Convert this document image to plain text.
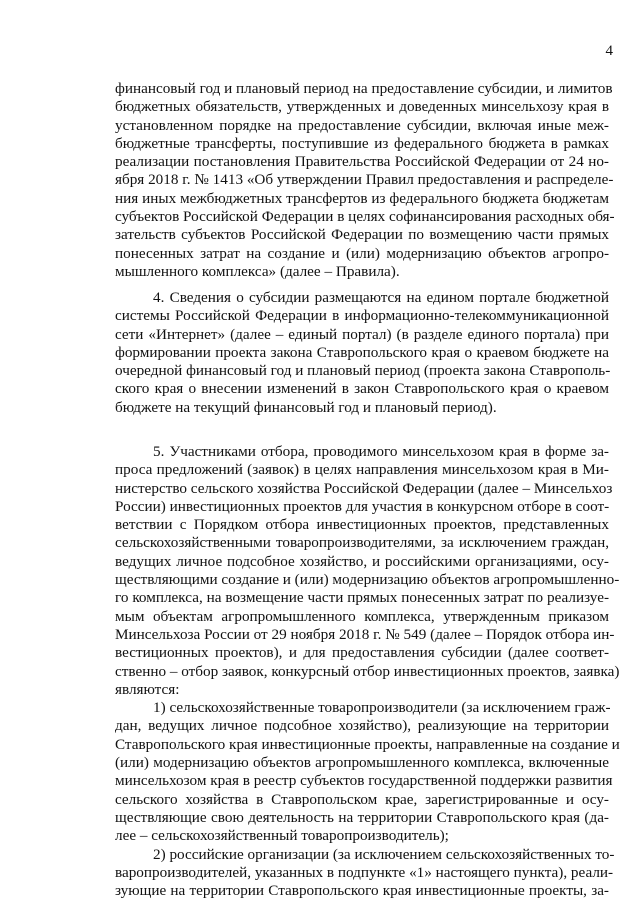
4
финансовый год и плановый период на предоставление субсидии, и лимитов
бюджетных обязательств, утвержденных и доведенных минсельхозу края в
установленном порядке на предоставление субсидии, включая иные меж-
бюджетные трансферты, поступившие из федерального бюджета в рамках
реализации постановления Правительства Российской Федерации от 24 но-
ября 2018 г. № 1413 «Об утверждении Правил предоставления и распределе-
ния иных межбюджетных трансфертов из федерального бюджета бюджетам
субъектов Российской Федерации в целях софинансирования расходных обя-
зательств субъектов Российской Федерации по возмещению части прямых
понесенных затрат на создание и (или) модернизацию объектов агропро-
мышленного комплекса» (далее – Правила).
4. Сведения о субсидии размещаются на едином портале бюджетной
системы Российской Федерации в информационно-телекоммуникационной
сети «Интернет» (далее – единый портал) (в разделе единого портала) при
формировании проекта закона Ставропольского края о краевом бюджете на
очередной финансовый год и плановый период (проекта закона Ставрополь-
ского края о внесении изменений в закон Ставропольского края о краевом
бюджете на текущий финансовый год и плановый период).
5. Участниками отбора, проводимого минсельхозом края в форме за-
проса предложений (заявок) в целях направления минсельхозом края в Ми-
нистерство сельского хозяйства Российской Федерации (далее – Минсельхоз
России) инвестиционных проектов для участия в конкурсном отборе в соот-
ветствии с Порядком отбора инвестиционных проектов, представленных
сельскохозяйственными товаропроизводителями, за исключением граждан,
ведущих личное подсобное хозяйство, и российскими организациями, осу-
ществляющими создание и (или) модернизацию объектов агропромышленно-
го комплекса, на возмещение части прямых понесенных затрат по реализуе-
мым объектам агропромышленного комплекса, утвержденным приказом
Минсельхоза России от 29 ноября 2018 г. № 549 (далее – Порядок отбора ин-
вестиционных проектов), и для предоставления субсидии (далее соответ-
ственно – отбор заявок, конкурсный отбор инвестиционных проектов, заявка)
являются:
1) сельскохозяйственные товаропроизводители (за исключением граж-
дан, ведущих личное подсобное хозяйство), реализующие на территории
Ставропольского края инвестиционные проекты, направленные на создание и
(или) модернизацию объектов агропромышленного комплекса, включенные
минсельхозом края в реестр субъектов государственной поддержки развития
сельского хозяйства в Ставропольском крае, зарегистрированные и осу-
ществляющие свою деятельность на территории Ставропольского края (да-
лее – сельскохозяйственный товаропроизводитель);
2) российские организации (за исключением сельскохозяйственных то-
варопроизводителей, указанных в подпункте «1» настоящего пункта), реали-
зующие на территории Ставропольского края инвестиционные проекты, за-
